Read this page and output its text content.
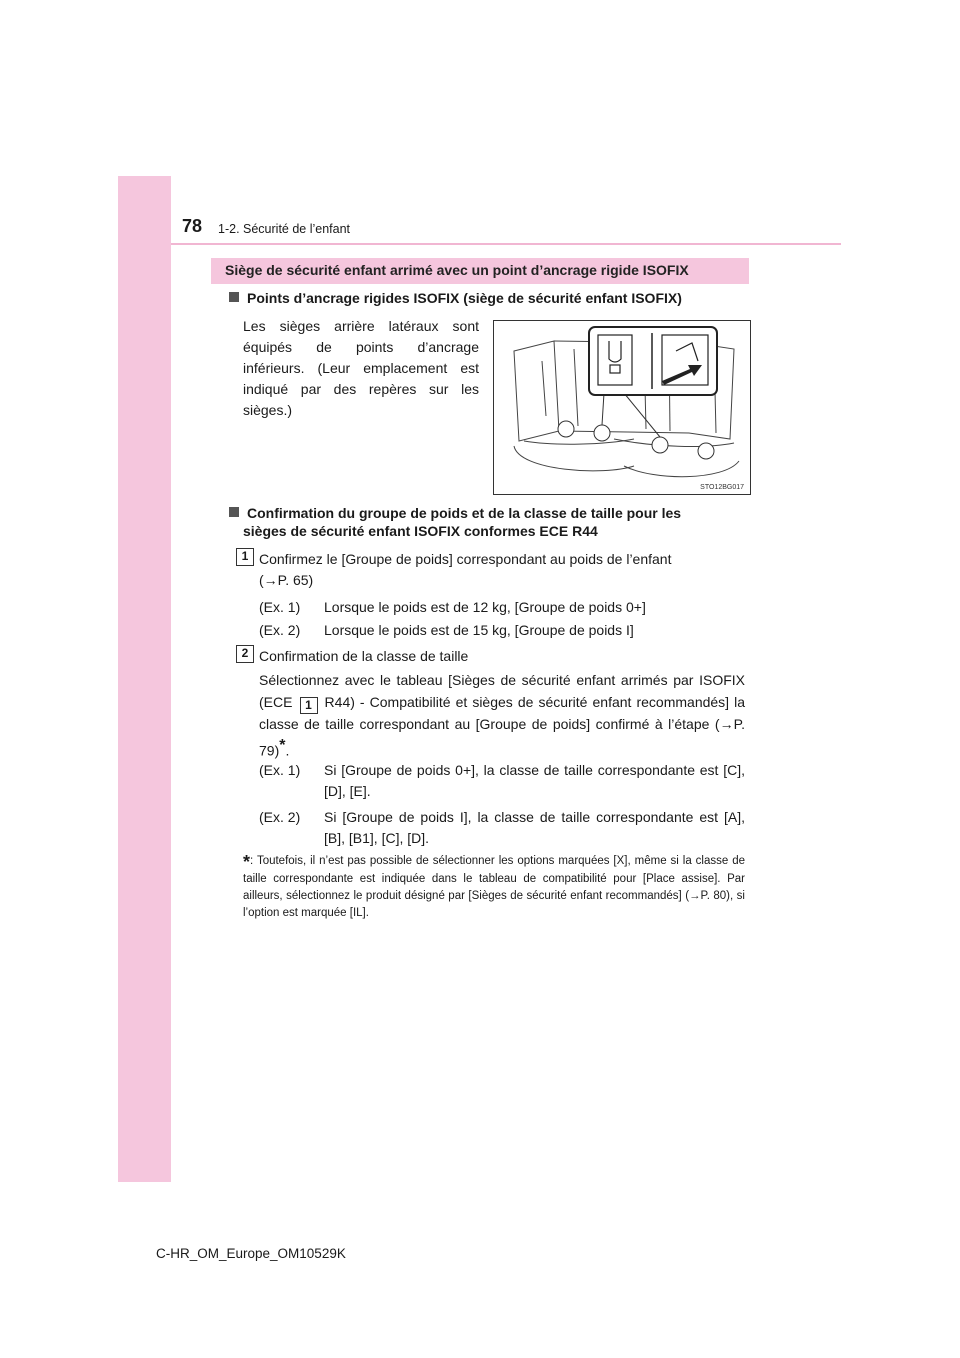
78 1-2. Sécurité de l’enfant
Siège de sécurité enfant arrimé avec un point d’ancrage rigide ISOFIX
Points d’ancrage rigides ISOFIX (siège de sécurité enfant ISOFIX)
Les sièges arrière latéraux sont équipés de points d’ancrage inférieurs. (Leur emplacement est indiqué par des repères sur les sièges.)
STO12BG017
Confirmation du groupe de poids et de la classe de taille pour les
sièges de sécurité enfant ISOFIX conformes ECE R44
1 Confirmez le [Groupe de poids] correspondant au poids de l’enfant
(→P. 65)
(Ex. 1) Lorsque le poids est de 12 kg, [Groupe de poids 0+]
(Ex. 2) Lorsque le poids est de 15 kg, [Groupe de poids I]
2 Confirmation de la classe de taille
Sélectionnez avec le tableau [Sièges de sécurité enfant arrimés par ISOFIX (ECE 1 R44) - Compatibilité et sièges de sécurité enfant recommandés] la classe de taille correspondant au [Groupe de poids] confirmé à l’étape (→P. 79)*.
(Ex. 1) Si [Groupe de poids 0+], la classe de taille correspondante est [C], [D], [E].
(Ex. 2) Si [Groupe de poids I], la classe de taille correspondante est [A], [B], [B1], [C], [D].
*: Toutefois, il n’est pas possible de sélectionner les options marquées [X], même si la classe de taille correspondante est indiquée dans le tableau de compatibilité pour [Place assise]. Par ailleurs, sélectionnez le produit désigné par [Sièges de sécurité enfant recommandés] (→P. 80), si l’option est marquée [IL].
C-HR_OM_Europe_OM10529K
